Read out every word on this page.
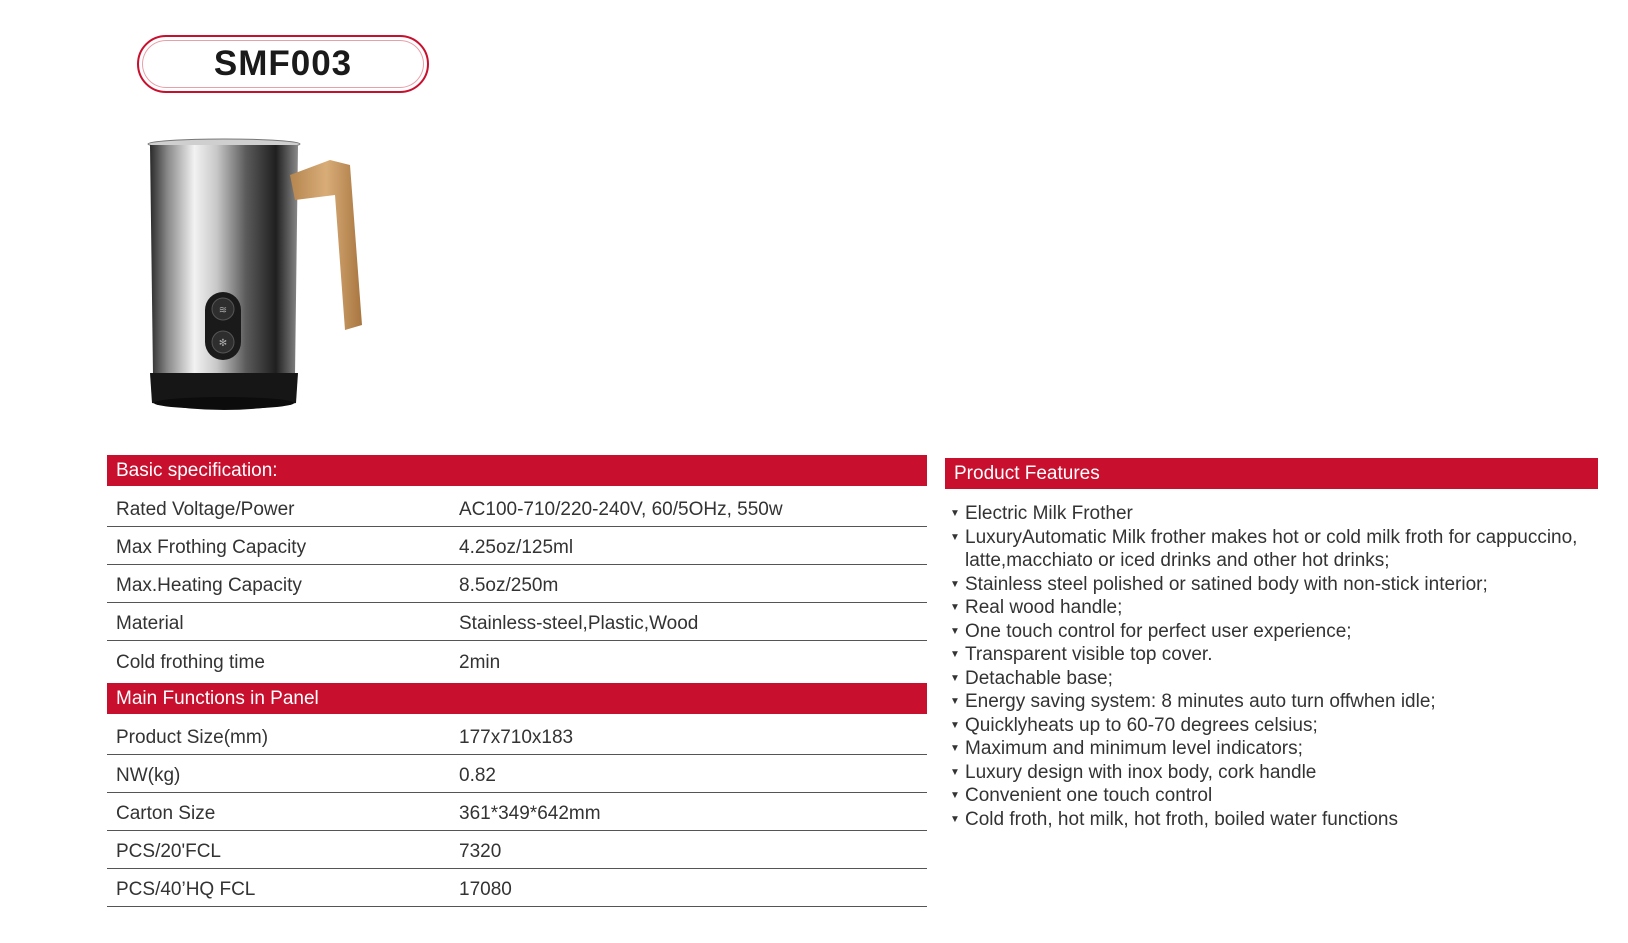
SMF003
≋
✻
Basic specification:
Rated Voltage/Power	AC100-710/220-240V, 60/5OHz, 550w
Max Frothing Capacity	4.25oz/125ml
Max.Heating Capacity	8.5oz/250m
Material	Stainless-steel,Plastic,Wood
Cold frothing time	2min
Main Functions in Panel
Product Size(mm)	177x710x183
NW(kg)	0.82
Carton Size	361*349*642mm
PCS/20'FCL	7320
PCS/40’HQ FCL	17080
Product Features
▼ Electric Milk Frother
▼ LuxuryAutomatic Milk frother makes hot or cold milk froth for cappuccino, latte,macchiato or iced drinks and other hot drinks;
▼ Stainless steel polished or satined body with non-stick interior;
▼ Real wood handle;
▼ One touch control for perfect user experience;
▼ Transparent visible top cover.
▼ Detachable base;
▼ Energy saving system: 8 minutes auto turn offwhen idle;
▼ Quicklyheats up to 60-70 degrees celsius;
▼ Maximum and minimum level indicators;
▼ Luxury design with inox body, cork handle
▼ Convenient one touch control
▼ Cold froth, hot milk, hot froth, boiled water functions
